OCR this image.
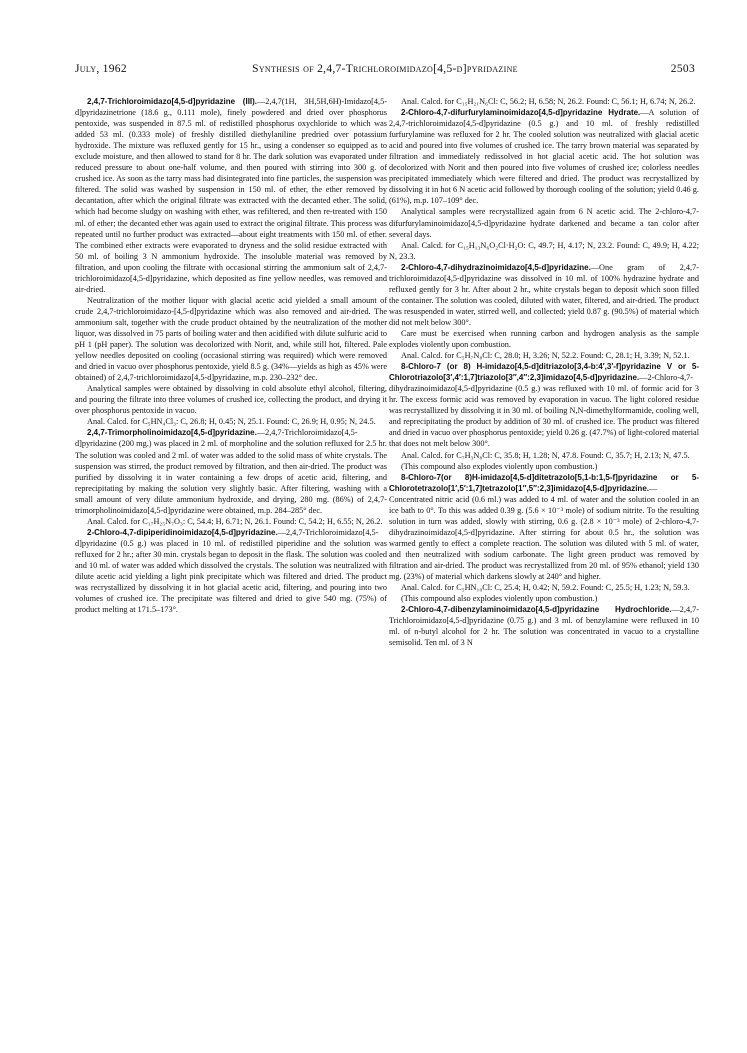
July, 1962	Synthesis of 2,4,7-Trichloroimidazo[4,5-d]pyridazine	2503

2,4,7-Trichloroimidazo[4,5-d]pyridazine (III).—2,4,7(1H, 3H,5H,6H)-Imidazo[4,5-d]pyridazinetrione (18.6 g., 0.111 mole), finely powdered and dried over phosphorus pentoxide, was suspended in 87.5 ml. of redistilled phosphorus oxychloride to which was added 53 ml. (0.333 mole) of freshly distilled diethylaniline predried over potassium hydroxide. The mixture was refluxed gently for 15 hr., using a condenser so equipped as to exclude moisture, and then allowed to stand for 8 hr. The dark solution was evaporated under reduced pressure to about one-half volume, and then poured with stirring into 300 g. of crushed ice. As soon as the tarry mass had disintegrated into fine particles, the suspension was filtered. The solid was washed by suspension in 150 ml. of ether, the ether removed by decantation, after which the original filtrate was extracted with the decanted ether. The solid, which had become sludgy on washing with ether, was refiltered, and then re-treated with 150 ml. of ether; the decanted ether was again used to extract the original filtrate. This process was repeated until no further product was extracted—about eight treatments with 150 ml. of ether. The combined ether extracts were evaporated to dryness and the solid residue extracted with 50 ml. of boiling 3 N ammonium hydroxide. The insoluble material was removed by filtration, and upon cooling the filtrate with occasional stirring the ammonium salt of 2,4,7-trichloroimidazo[4,5-d]pyridazine, which deposited as fine yellow needles, was removed and air-dried.

Neutralization of the mother liquor with glacial acetic acid yielded a small amount of crude 2,4,7-trichloroimidazo-[4,5-d]pyridazine which was also removed and air-dried. The ammonium salt, together with the crude product obtained by the neutralization of the mother liquor, was dissolved in 75 parts of boiling water and then acidified with dilute sulfuric acid to pH 1 (pH paper). The solution was decolorized with Norit, and, while still hot, filtered. Pale yellow needles deposited on cooling (occasional stirring was required) which were removed and dried in vacuo over phosphorus pentoxide, yield 8.5 g. (34%—yields as high as 45% were obtained) of 2,4,7-trichloroimidazo[4,5-d]pyridazine, m.p. 230–232° dec.

Analytical samples were obtained by dissolving in cold absolute ethyl alcohol, filtering, and pouring the filtrate into three volumes of crushed ice, collecting the product, and drying it over phosphorus pentoxide in vacuo.

Anal. Calcd. for C₅HN₄Cl₃: C, 26.8; H, 0.45; N, 25.1. Found: C, 26.9; H, 0.95; N, 24.5.

2,4,7-Trimorpholinoimidazo[4,5-d]pyridazine.—2,4,7-Trichloroimidazo[4,5-d]pyridazine (200 mg.) was placed in 2 ml. of morpholine and the solution refluxed for 2.5 hr. The solution was cooled and 2 ml. of water was added to the solid mass of white crystals. The suspension was stirred, the product removed by filtration, and then air-dried. The product was purified by dissolving it in water containing a few drops of acetic acid, filtering, and reprecipitating by making the solution very slightly basic. After filtering, washing with a small amount of very dilute ammonium hydroxide, and drying, 280 mg. (86%) of 2,4,7-trimorpholinoimidazo[4,5-d]pyridazine were obtained, m.p. 284–285° dec.

Anal. Calcd. for C₁₇H₂₅N₇O₃: C, 54.4; H, 6.71; N, 26.1. Found: C, 54.2; H, 6.55; N, 26.2.

2-Chloro-4,7-dipiperidinoimidazo[4,5-d]pyridazine.—2,4,7-Trichloroimidazo[4,5-d]pyridazine (0.5 g.) was placed in 10 ml. of redistilled piperidine and the solution was refluxed for 2 hr.; after 30 min. crystals began to deposit in the flask. The solution was cooled and 10 ml. of water was added which dissolved the crystals. The solution was neutralized with dilute acetic acid yielding a light pink precipitate which was filtered and dried. The product was recrystallized by dissolving it in hot glacial acetic acid, filtering, and pouring into two volumes of crushed ice. The precipitate was filtered and dried to give 540 mg. (75%) of product melting at 171.5–173°.

Anal. Calcd. for C₁₅H₂₁N₆Cl: C, 56.2; H, 6.58; N, 26.2. Found: C, 56.1; H, 6.74; N, 26.2.

2-Chloro-4,7-difurfurylaminoimidazo[4,5-d]pyridazine Hydrate.—A solution of 2,4,7-trichloroimidazo[4,5-d]pyridazine (0.5 g.) and 10 ml. of freshly redistilled furfurylamine was refluxed for 2 hr. The cooled solution was neutralized with glacial acetic acid and poured into five volumes of crushed ice. The tarry brown material was separated by filtration and immediately redissolved in hot glacial acetic acid. The hot solution was decolorized with Norit and then poured into five volumes of crushed ice; colorless needles precipitated immediately which were filtered and dried. The product was recrystallized by dissolving it in hot 6 N acetic acid followed by thorough cooling of the solution; yield 0.46 g. (61%), m.p. 107–109° dec.

Analytical samples were recrystallized again from 6 N acetic acid. The 2-chloro-4,7-difurfurylaminoimidazo[4,5-d]pyridazine hydrate darkened and became a tan color after several days.

Anal. Calcd. for C₁₅H₁₃N₆O₂Cl·H₂O: C, 49.7; H, 4.17; N, 23.2. Found: C, 49.9; H, 4.22; N, 23.3.

2-Chloro-4,7-dihydrazinoimidazo[4,5-d]pyridazine.—One gram of 2,4,7-trichloroimidazo[4,5-d]pyridazine was dissolved in 10 ml. of 100% hydrazine hydrate and refluxed gently for 3 hr. After about 2 hr., white crystals began to deposit which soon filled the container. The solution was cooled, diluted with water, filtered, and air-dried. The product was resuspended in water, stirred well, and collected; yield 0.87 g. (90.5%) of material which did not melt below 300°.

Care must be exercised when running carbon and hydrogen analysis as the sample explodes violently upon combustion.

Anal. Calcd. for C₅H₇N₈Cl: C, 28.0; H, 3.26; N, 52.2. Found: C, 28.1; H, 3.39; N, 52.1.

8-Chloro-7 (or 8) H-imidazo[4,5-d]ditriazolo[3,4-b:4′,3′-f]pyridazine V or 5-Chlorotriazolo[3′,4′:1,7]triazolo[3″,4″:2,3]imidazo[4,5-d]pyridazine.—2-Chloro-4,7-dihydrazinoimidazo[4,5-d]pyridazine (0.5 g.) was refluxed with 10 ml. of formic acid for 3 hr. The excess formic acid was removed by evaporation in vacuo. The light colored residue was recrystallized by dissolving it in 30 ml. of boiling N,N-dimethylformamide, cooling well, and reprecipitating the product by addition of 30 ml. of crushed ice. The product was filtered and dried in vacuo over phosphorus pentoxide; yield 0.26 g. (47.7%) of light-colored material that does not melt below 300°.

Anal. Calcd. for C₇H₃N₈Cl: C, 35.8; H, 1.28; N, 47.8. Found: C, 35.7; H, 2.13; N, 47.5.

(This compound also explodes violently upon combustion.)

8-Chloro-7(or 8)H-imidazo[4,5-d]ditetrazolo[5,1-b:1,5-f]pyridazine or 5-Chlorotetrazolo[1′,5′:1,7]tetrazolo[1″,5″:2,3]imidazo[4,5-d]pyridazine.—Concentrated nitric acid (0.6 ml.) was added to 4 ml. of water and the solution cooled in an ice bath to 0°. To this was added 0.39 g. (5.6 × 10⁻³ mole) of sodium nitrite. To the resulting solution in turn was added, slowly with stirring, 0.6 g. (2.8 × 10⁻³ mole) of 2-chloro-4,7-dihydrazinoimidazo[4,5-d]pyridazine. After stirring for about 0.5 hr., the solution was warmed gently to effect a complete reaction. The solution was diluted with 5 ml. of water, and then neutralized with sodium carbonate. The light green product was removed by filtration and air-dried. The product was recrystallized from 20 ml. of 95% ethanol; yield 130 mg. (23%) of material which darkens slowly at 240° and higher.

Anal. Calcd. for C₅HN₁₀Cl: C, 25.4; H, 0.42; N, 59.2. Found: C, 25.5; H, 1.23; N, 59.3.

(This compound also explodes violently upon combustion.)

2-Chloro-4,7-dibenzylaminoimidazo[4,5-d]pyridazine Hydrochloride.—2,4,7-Trichloroimidazo[4,5-d]pyridazine (0.75 g.) and 3 ml. of benzylamine were refluxed in 10 ml. of n-butyl alcohol for 2 hr. The solution was concentrated in vacuo to a crystalline semisolid. Ten ml. of 3 N
